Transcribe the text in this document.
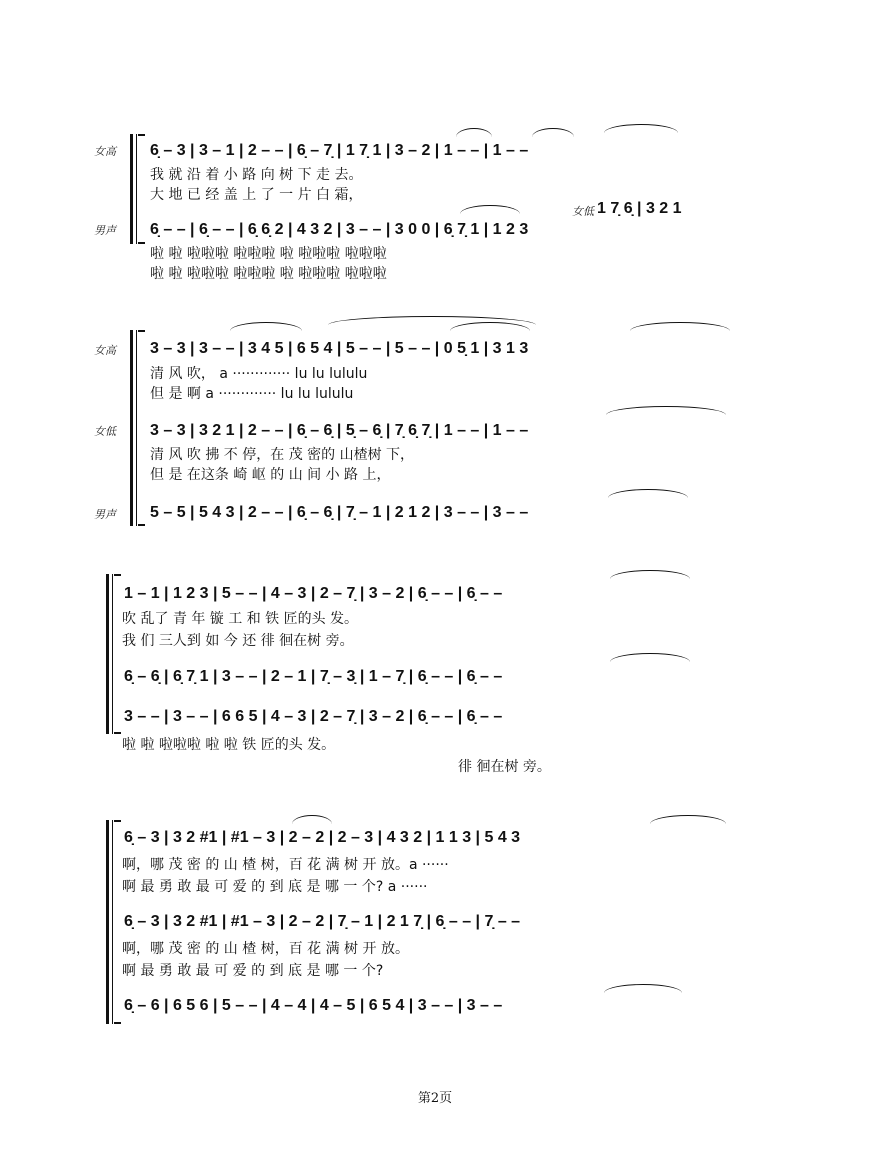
女高 6̣ – 3 | 3 – 1 | 2 – – | 6̣ – 7̣ | 1 7̣ 1 | 3 – 2 | 1 – – | 1 – –
我 就 沿 着 小 路 向 树 下 走 去。
大 地 已 经 盖 上 了 一 片 白 霜，
女低 1 7̣ 6̣ | 3 2 1
男声 6̣ – – | 6̣ – – | 6̣ 6̣ 2 | 4 3 2 | 3 – – | 3 0 0 | 6̣ 7̣ 1 | 1 2 3
啦 啦 啦啦啦 啦啦啦 啦 啦啦啦 啦啦啦
啦 啦 啦啦啦 啦啦啦 啦 啦啦啦 啦啦啦
女高 3 – 3 | 3 – – | 3 4 5 | 6 5 4 | 5 – – | 5 – – | 0 5̣ 1 | 3 1 3
清 风 吹， a ············· lu lu lululu
但 是 啊 a ············· lu lu lululu
女低 3 – 3 | 3 2 1 | 2 – – | 6̣ – 6̣ | 5̣ – 6̣ | 7̣ 6̣ 7̣ | 1 – – | 1 – –
清 风 吹 拂 不 停，在 茂 密的 山楂树 下，
但 是 在这条 崎 岖 的 山 间 小 路 上，
男声 5 – 5 | 5 4 3 | 2 – – | 6̣ – 6̣ | 7̣ – 1 | 2 1 2 | 3 – – | 3 – –
1 – 1 | 1 2 3 | 5 – – | 4 – 3 | 2 – 7̣ | 3 – 2 | 6̣ – – | 6̣ – –
吹 乱了 青 年 镟 工 和 铁 匠的头 发。
我 们 三人到 如 今 还 徘 徊在树 旁。
6̣ – 6̣ | 6̣ 7̣ 1 | 3 – – | 2 – 1 | 7̣ – 3̣ | 1 – 7̣ | 6̣ – – | 6̣ – –
3 – – | 3 – – | 6 6 5 | 4 – 3 | 2 – 7̣ | 3 – 2 | 6̣ – – | 6̣ – –
啦 啦 啦啦啦 啦 啦 铁 匠的头 发。
徘 徊在树 旁。
6̣ – 3 | 3 2 #1 | #1 – 3 | 2 – 2 | 2 – 3 | 4 3 2 | 1 1 3 | 5 4 3
啊，哪 茂 密 的 山 楂 树，百 花 满 树 开 放。a ······
啊 最 勇 敢 最 可 爱 的 到 底 是 哪 一 个? a ······
6̣ – 3 | 3 2 #1 | #1 – 3 | 2 – 2 | 7̣ – 1 | 2 1 7̣ | 6̣ – – | 7̣ – –
啊，哪 茂 密 的 山 楂 树，百 花 满 树 开 放。
啊 最 勇 敢 最 可 爱 的 到 底 是 哪 一 个?
6̣ – 6 | 6 5 6 | 5 – – | 4 – 4 | 4 – 5 | 6 5 4 | 3 – – | 3 – –
第2页
